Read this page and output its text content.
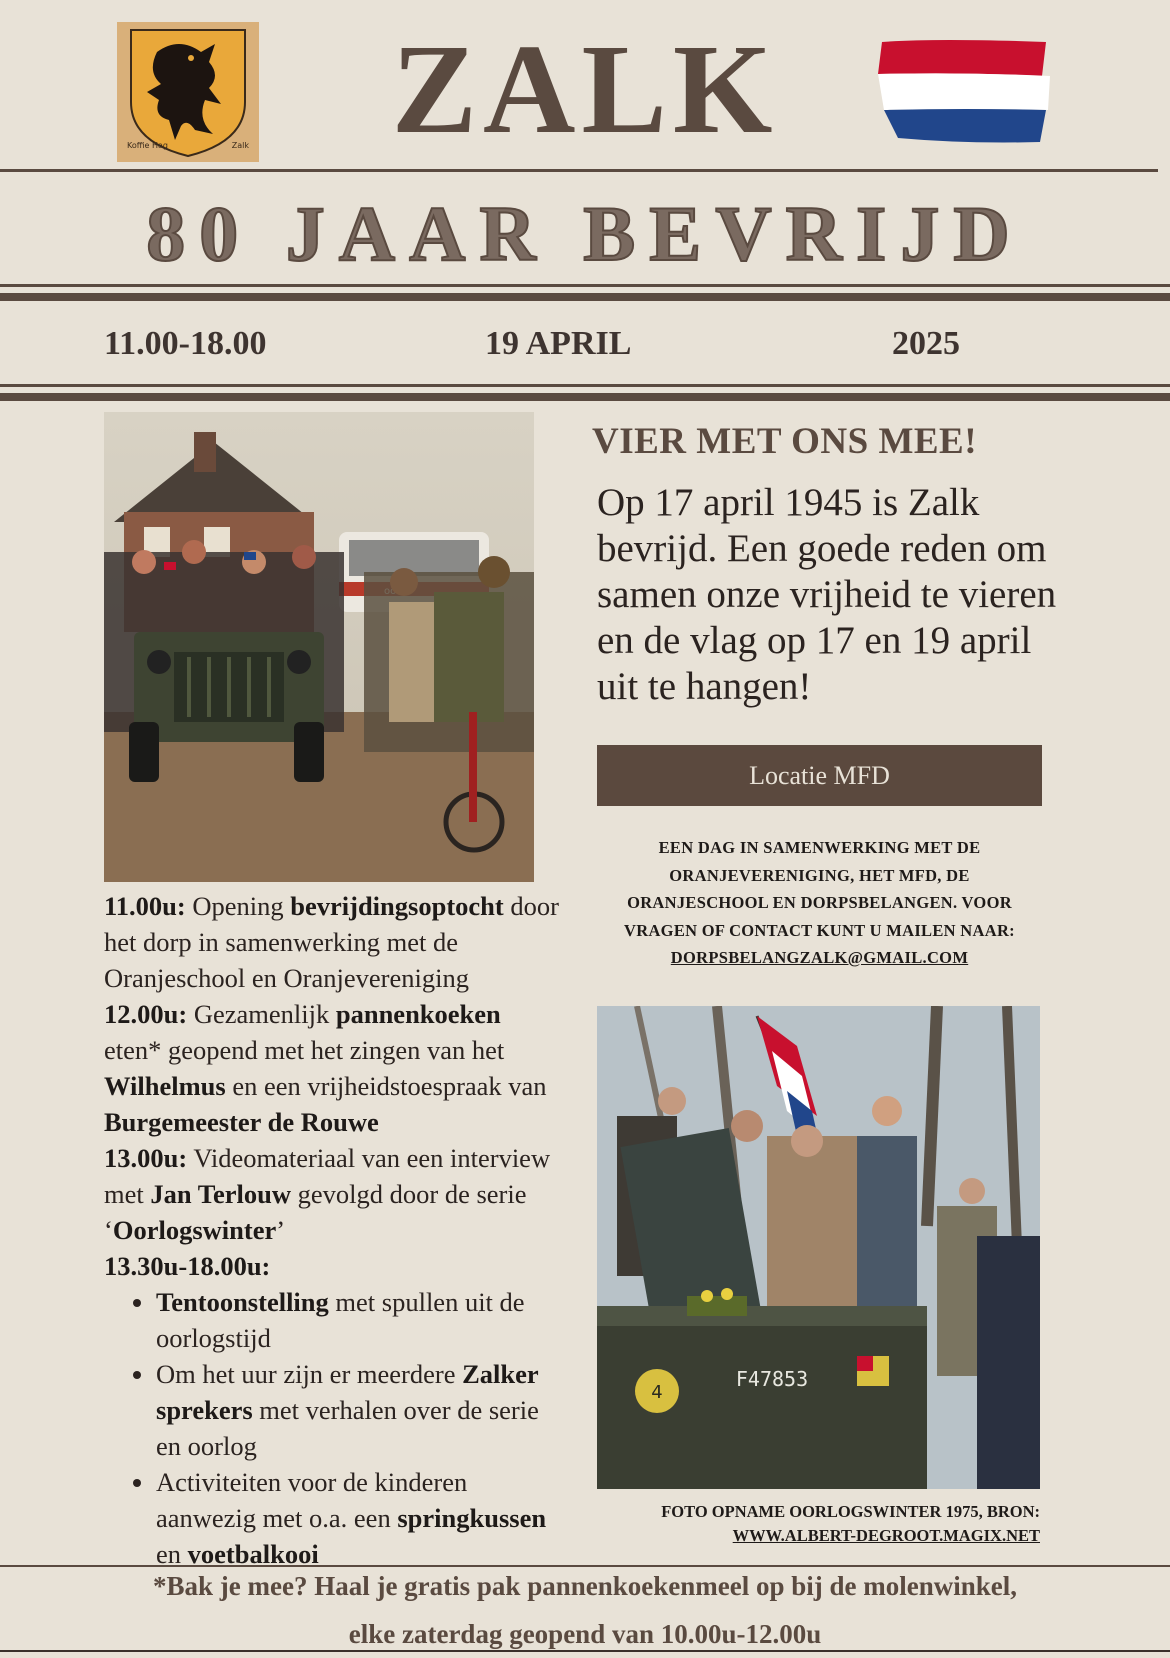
Koffie Hag	Zalk	ZALK
80 JAAR BEVRIJD
11.00-18.00	19 APRIL	2025
VIER MET ONS MEE!
Op 17 april 1945 is Zalk bevrijd. Een goede reden om samen onze vrijheid te vieren en de vlag op 17 en 19 april uit te hangen!
Locatie MFD
EEN DAG IN SAMENWERKING MET DE ORANJEVERENIGING, HET MFD, DE ORANJESCHOOL EN DORPSBELANGEN. VOOR VRAGEN OF CONTACT KUNT U MAILEN NAAR:
DORPSBELANGZALK@GMAIL.COM
4
F47853
FOTO OPNAME OORLOGSWINTER 1975, BRON:
WWW.ALBERT-DEGROOT.MAGIX.NET

11.00u: Opening bevrijdingsoptocht door het dorp in samenwerking met de Oranjeschool en Oranjevereniging

12.00u: Gezamenlijk pannenkoeken eten* geopend met het zingen van het Wilhelmus en een vrijheidstoespraak van Burgemeester de Rouwe

13.00u: Videomateriaal van een interview met Jan Terlouw gevolgd door de serie ‘Oorlogswinter’

13.30u-18.00u:

• Tentoonstelling met spullen uit de oorlogstijd
• Om het uur zijn er meerdere Zalker sprekers met verhalen over de serie en oorlog
• Activiteiten voor de kinderen aanwezig met o.a. een springkussen en voetbalkooi
*Bak je mee? Haal je gratis pak pannenkoekenmeel op bij de molenwinkel,
elke zaterdag geopend van 10.00u-12.00u
